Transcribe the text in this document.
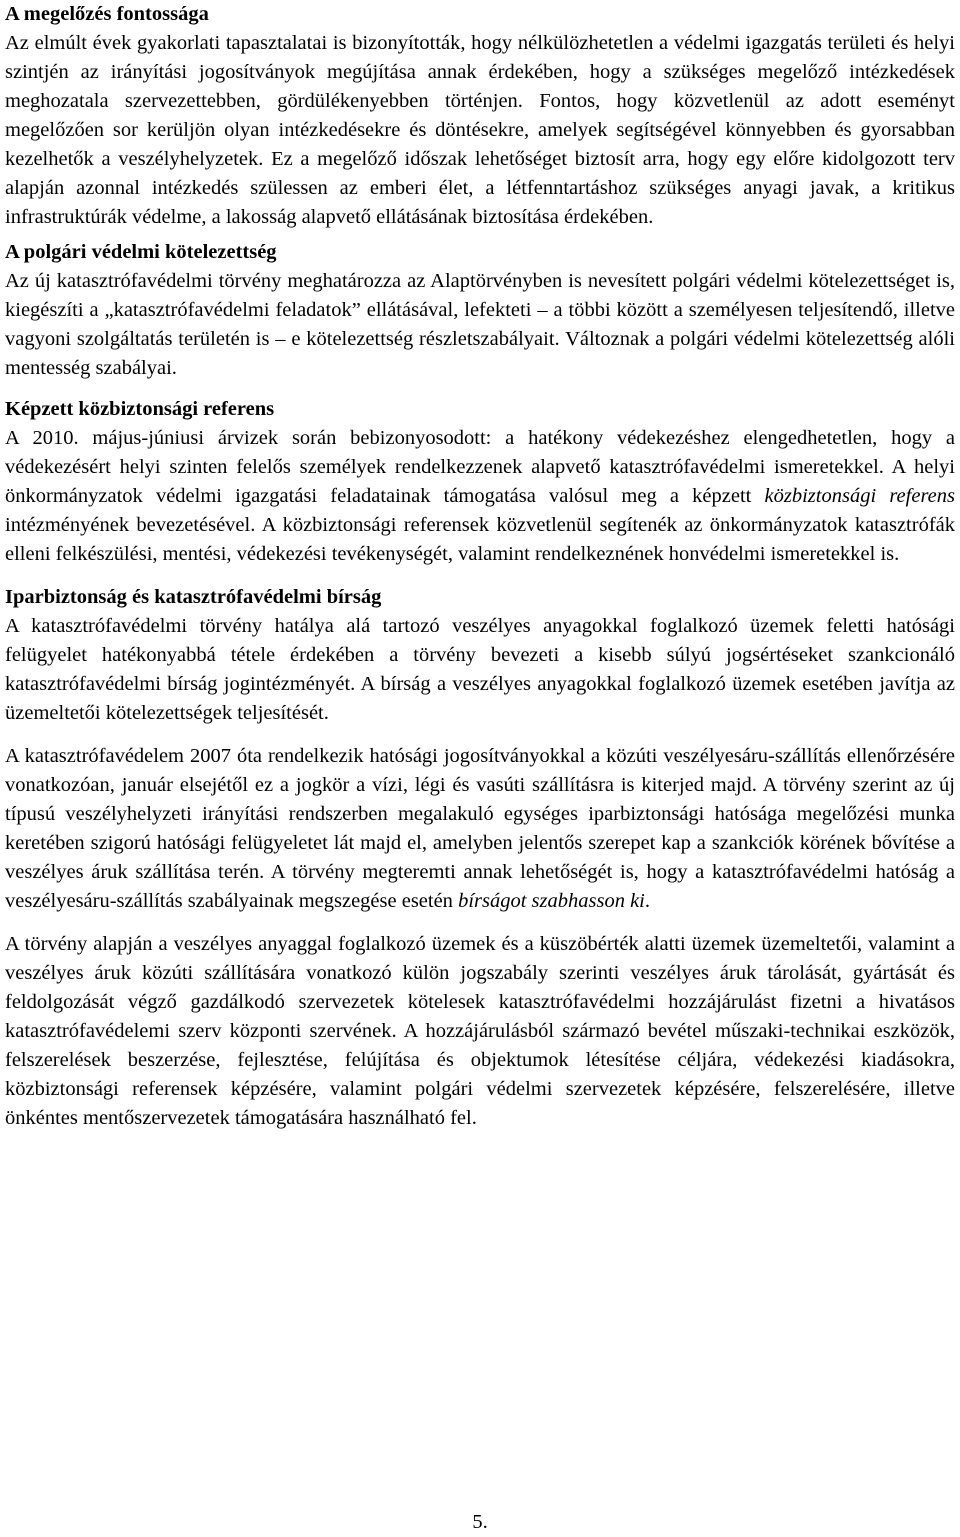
A megelőzés fontossága

Az elmúlt évek gyakorlati tapasztalatai is bizonyították, hogy nélkülözhetetlen a védelmi igazgatás területi és helyi szintjén az irányítási jogosítványok megújítása annak érdekében, hogy a szükséges megelőző intézkedések meghozatala szervezettebben, gördülékenyebben történjen. Fontos, hogy közvetlenül az adott eseményt megelőzően sor kerüljön olyan intézkedésekre és döntésekre, amelyek segítségével könnyebben és gyorsabban kezelhetők a veszélyhelyzetek. Ez a megelőző időszak lehetőséget biztosít arra, hogy egy előre kidolgozott terv alapján azonnal intézkedés szülessen az emberi élet, a létfenntartáshoz szükséges anyagi javak, a kritikus infrastruktúrák védelme, a lakosság alapvető ellátásának biztosítása érdekében.

A polgári védelmi kötelezettség

Az új katasztrófavédelmi törvény meghatározza az Alaptörvényben is nevesített polgári védelmi kötelezettséget is, kiegészíti a „katasztrófavédelmi feladatok” ellátásával, lefekteti – a többi között a személyesen teljesítendő, illetve vagyoni szolgáltatás területén is – e kötelezettség részletszabályait. Változnak a polgári védelmi kötelezettség alóli mentesség szabályai.

Képzett közbiztonsági referens

A 2010. május-júniusi árvizek során bebizonyosodott: a hatékony védekezéshez elengedhetetlen, hogy a védekezésért helyi szinten felelős személyek rendelkezzenek alapvető katasztrófavédelmi ismeretekkel. A helyi önkormányzatok védelmi igazgatási feladatainak támogatása valósul meg a képzett közbiztonsági referens intézményének bevezetésével. A közbiztonsági referensek közvetlenül segítenék az önkormányzatok katasztrófák elleni felkészülési, mentési, védekezési tevékenységét, valamint rendelkeznének honvédelmi ismeretekkel is.

Iparbiztonság és katasztrófavédelmi bírság

A katasztrófavédelmi törvény hatálya alá tartozó veszélyes anyagokkal foglalkozó üzemek feletti hatósági felügyelet hatékonyabbá tétele érdekében a törvény bevezeti a kisebb súlyú jogsértéseket szankcionáló katasztrófavédelmi bírság jogintézményét. A bírság a veszélyes anyagokkal foglalkozó üzemek esetében javítja az üzemeltetői kötelezettségek teljesítését.

A katasztrófavédelem 2007 óta rendelkezik hatósági jogosítványokkal a közúti veszélyesáru-szállítás ellenőrzésére vonatkozóan, január elsejétől ez a jogkör a vízi, légi és vasúti szállításra is kiterjed majd. A törvény szerint az új típusú veszélyhelyzeti irányítási rendszerben megalakuló egységes iparbiztonsági hatósága megelőzési munka keretében szigorú hatósági felügyeletet lát majd el, amelyben jelentős szerepet kap a szankciók körének bővítése a veszélyes áruk szállítása terén. A törvény megteremti annak lehetőségét is, hogy a katasztrófavédelmi hatóság a veszélyesáru-szállítás szabályainak megszegése esetén bírságot szabhasson ki.

A törvény alapján a veszélyes anyaggal foglalkozó üzemek és a küszöbérték alatti üzemek üzemeltetői, valamint a veszélyes áruk közúti szállítására vonatkozó külön jogszabály szerinti veszélyes áruk tárolását, gyártását és feldolgozását végző gazdálkodó szervezetek kötelesek katasztrófavédelmi hozzájárulást fizetni a hivatásos katasztrófavédelemi szerv központi szervének. A hozzájárulásból származó bevétel műszaki-technikai eszközök, felszerelések beszerzése, fejlesztése, felújítása és objektumok létesítése céljára, védekezési kiadásokra, közbiztonsági referensek képzésére, valamint polgári védelmi szervezetek képzésére, felszerelésére, illetve önkéntes mentőszervezetek támogatására használható fel.

5.
